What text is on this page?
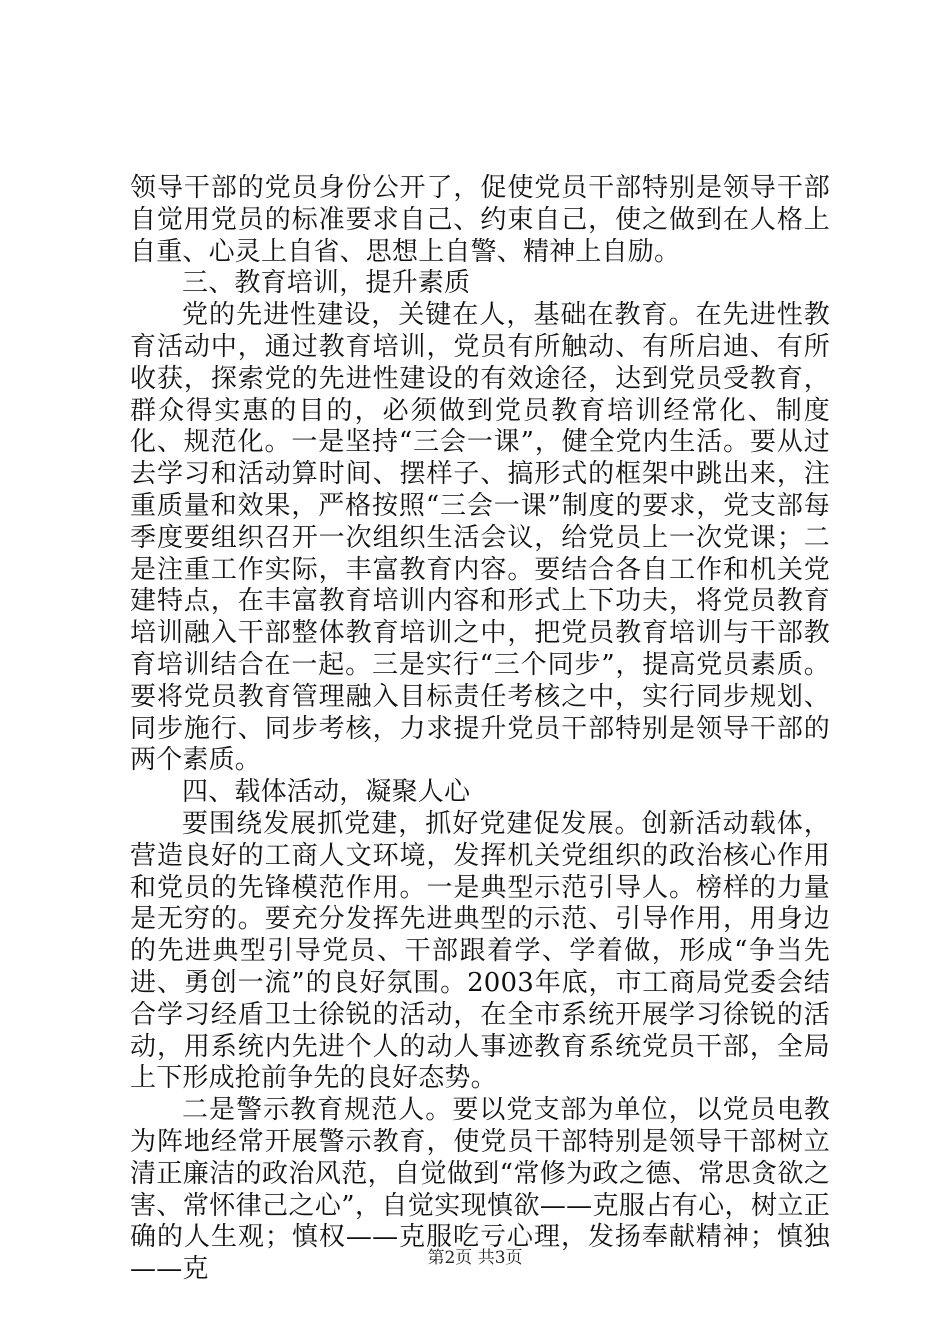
领导干部的党员身份公开了，促使党员干部特别是领导干部自觉用党员的标准要求自己、约束自己，使之做到在人格上自重、心灵上自省、思想上自警、精神上自励。

三、教育培训，提升素质

党的先进性建设，关键在人，基础在教育。在先进性教育活动中，通过教育培训，党员有所触动、有所启迪、有所收获，探索党的先进性建设的有效途径，达到党员受教育，群众得实惠的目的，必须做到党员教育培训经常化、制度化、规范化。一是坚持“三会一课”，健全党内生活。要从过去学习和活动算时间、摆样子、搞形式的框架中跳出来，注重质量和效果，严格按照“三会一课”制度的要求，党支部每季度要组织召开一次组织生活会议，给党员上一次党课；二是注重工作实际，丰富教育内容。要结合各自工作和机关党建特点，在丰富教育培训内容和形式上下功夫，将党员教育培训融入干部整体教育培训之中，把党员教育培训与干部教育培训结合在一起。三是实行“三个同步”，提高党员素质。要将党员教育管理融入目标责任考核之中，实行同步规划、同步施行、同步考核，力求提升党员干部特别是领导干部的两个素质。

四、载体活动，凝聚人心

要围绕发展抓党建，抓好党建促发展。创新活动载体，营造良好的工商人文环境，发挥机关党组织的政治核心作用和党员的先锋模范作用。一是典型示范引导人。榜样的力量是无穷的。要充分发挥先进典型的示范、引导作用，用身边的先进典型引导党员、干部跟着学、学着做，形成“争当先进、勇创一流”的良好氛围。2003年底，市工商局党委会结合学习经盾卫士徐锐的活动，在全市系统开展学习徐锐的活动，用系统内先进个人的动人事迹教育系统党员干部，全局上下形成抢前争先的良好态势。

二是警示教育规范人。要以党支部为单位，以党员电教为阵地经常开展警示教育，使党员干部特别是领导干部树立清正廉洁的政治风范，自觉做到“常修为政之德、常思贪欲之害、常怀律己之心”，自觉实现慎欲——克服占有心，树立正确的人生观；慎权——克服吃亏心理，发扬奉献精神；慎独——克	第2页 共3页
